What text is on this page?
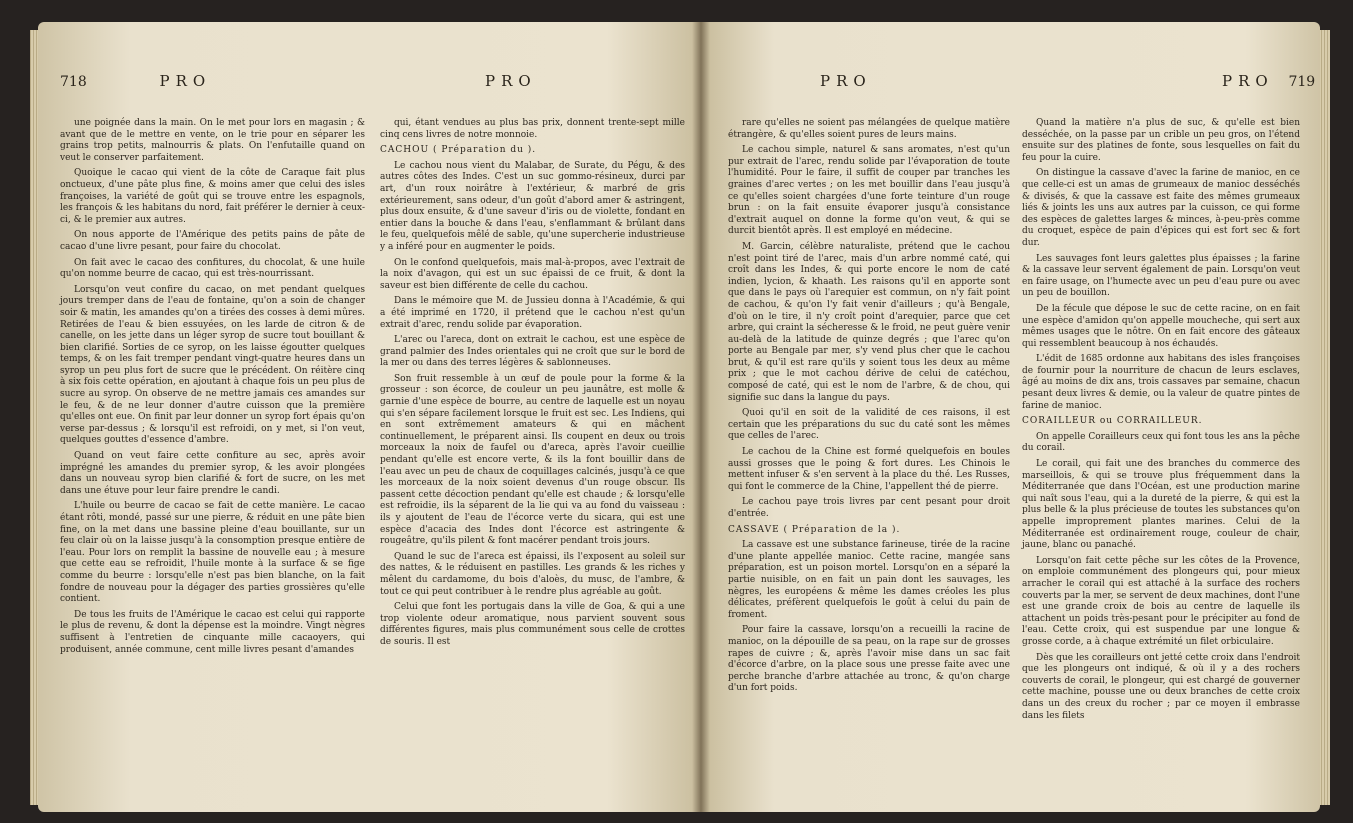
718	PRO	PRO

une poignée dans la main. On le met pour lors en magasin ; & avant que de le mettre en vente, on le trie pour en séparer les grains trop petits, malnourris & plats. On l'enfutaille quand on veut le conserver parfaitement.

Quoique le cacao qui vient de la côte de Caraque fait plus onctueux, d'une pâte plus fine, & moins amer que celui des isles françoises, la variété de goût qui se trouve entre les espagnols, les françois & les habitans du nord, fait préférer le dernier à ceux-ci, & le premier aux autres.

On nous apporte de l'Amérique des petits pains de pâte de cacao d'une livre pesant, pour faire du chocolat.

On fait avec le cacao des confitures, du chocolat, & une huile qu'on nomme beurre de cacao, qui est très-nourrissant.

Lorsqu'on veut confire du cacao, on met pendant quelques jours tremper dans de l'eau de fontaine, qu'on a soin de changer soir & matin, les amandes qu'on a tirées des cosses à demi mûres. Retirées de l'eau & bien essuyées, on les larde de citron & de canelle, on les jette dans un léger syrop de sucre tout bouillant & bien clarifié. Sorties de ce syrop, on les laisse égoutter quelques temps, & on les fait tremper pendant vingt-quatre heures dans un syrop un peu plus fort de sucre que le précédent. On réitère cinq à six fois cette opération, en ajoutant à chaque fois un peu plus de sucre au syrop. On observe de ne mettre jamais ces amandes sur le feu, & de ne leur donner d'autre cuisson que la première qu'elles ont eue. On finit par leur donner un syrop fort épais qu'on verse par-dessus ; & lorsqu'il est refroidi, on y met, si l'on veut, quelques gouttes d'essence d'ambre.

Quand on veut faire cette confiture au sec, après avoir imprégné les amandes du premier syrop, & les avoir plongées dans un nouveau syrop bien clarifié & fort de sucre, on les met dans une étuve pour leur faire prendre le candi.

L'huile ou beurre de cacao se fait de cette manière. Le cacao étant rôti, mondé, passé sur une pierre, & réduit en une pâte bien fine, on la met dans une bassine pleine d'eau bouillante, sur un feu clair où on la laisse jusqu'à la consomption presque entière de l'eau. Pour lors on remplit la bassine de nouvelle eau ; à mesure que cette eau se refroidit, l'huile monte à la surface & se fige comme du beurre : lorsqu'elle n'est pas bien blanche, on la fait fondre de nouveau pour la dégager des parties grossières qu'elle contient.

De tous les fruits de l'Amérique le cacao est celui qui rapporte le plus de revenu, & dont la dépense est la moindre. Vingt nègres suffisent à l'entretien de cinquante mille cacaoyers, qui produisent, année commune, cent mille livres pesant d'amandes

qui, étant vendues au plus bas prix, donnent trente-sept mille cinq cens livres de notre monnoie.

CACHOU ( Préparation du ).

Le cachou nous vient du Malabar, de Surate, du Pégu, & des autres côtes des Indes. C'est un suc gommo-résineux, durci par art, d'un roux noirâtre à l'extérieur, & marbré de gris extérieurement, sans odeur, d'un goût d'abord amer & astringent, plus doux ensuite, & d'une saveur d'iris ou de violette, fondant en entier dans la bouche & dans l'eau, s'enflammant & brûlant dans le feu, quelquefois mêlé de sable, qu'une supercherie industrieuse y a inféré pour en augmenter le poids.

On le confond quelquefois, mais mal-à-propos, avec l'extrait de la noix d'avagon, qui est un suc épaissi de ce fruit, & dont la saveur est bien différente de celle du cachou.

Dans le mémoire que M. de Jussieu donna à l'Académie, & qui a été imprimé en 1720, il prétend que le cachou n'est qu'un extrait d'arec, rendu solide par évaporation.

L'arec ou l'areca, dont on extrait le cachou, est une espèce de grand palmier des Indes orientales qui ne croît que sur le bord de la mer ou dans des terres légères & sablonneuses.

Son fruit ressemble à un œuf de poule pour la forme & la grosseur : son écorce, de couleur un peu jaunâtre, est molle & garnie d'une espèce de bourre, au centre de laquelle est un noyau qui s'en sépare facilement lorsque le fruit est sec. Les Indiens, qui en sont extrêmement amateurs & qui en mâchent continuellement, le préparent ainsi. Ils coupent en deux ou trois morceaux la noix de faufel ou d'areca, après l'avoir cueillie pendant qu'elle est encore verte, & ils la font bouillir dans de l'eau avec un peu de chaux de coquillages calcinés, jusqu'à ce que les morceaux de la noix soient devenus d'un rouge obscur. Ils passent cette décoction pendant qu'elle est chaude ; & lorsqu'elle est refroidie, ils la séparent de la lie qui va au fond du vaisseau : ils y ajoutent de l'eau de l'écorce verte du sicara, qui est une espèce d'acacia des Indes dont l'écorce est astringente & rougeâtre, qu'ils pilent & font macérer pendant trois jours.

Quand le suc de l'areca est épaissi, ils l'exposent au soleil sur des nattes, & le réduisent en pastilles. Les grands & les riches y mêlent du cardamome, du bois d'aloès, du musc, de l'ambre, & tout ce qui peut contribuer à le rendre plus agréable au goût.

Celui que font les portugais dans la ville de Goa, & qui a une trop violente odeur aromatique, nous parvient souvent sous différentes figures, mais plus communément sous celle de crottes de souris. Il est

PRO	PRO 719

rare qu'elles ne soient pas mélangées de quelque matière étrangère, & qu'elles soient pures de leurs mains.

Le cachou simple, naturel & sans aromates, n'est qu'un pur extrait de l'arec, rendu solide par l'évaporation de toute l'humidité. Pour le faire, il suffit de couper par tranches les graines d'arec vertes ; on les met bouillir dans l'eau jusqu'à ce qu'elles soient chargées d'une forte teinture d'un rouge brun : on la fait ensuite évaporer jusqu'à consistance d'extrait auquel on donne la forme qu'on veut, & qui se durcit bientôt après. Il est employé en médecine.

M. Garcin, célèbre naturaliste, prétend que le cachou n'est point tiré de l'arec, mais d'un arbre nommé caté, qui croît dans les Indes, & qui porte encore le nom de caté indien, lycion, & khaath. Les raisons qu'il en apporte sont que dans le pays où l'arequier est commun, on n'y fait point de cachou, & qu'on l'y fait venir d'ailleurs ; qu'à Bengale, d'où on le tire, il n'y croît point d'arequier, parce que cet arbre, qui craint la sécheresse & le froid, ne peut guère venir au-delà de la latitude de quinze degrés ; que l'arec qu'on porte au Bengale par mer, s'y vend plus cher que le cachou brut, & qu'il est rare qu'ils y soient tous les deux au même prix ; que le mot cachou dérive de celui de catéchou, composé de caté, qui est le nom de l'arbre, & de chou, qui signifie suc dans la langue du pays.

Quoi qu'il en soit de la validité de ces raisons, il est certain que les préparations du suc du caté sont les mêmes que celles de l'arec.

Le cachou de la Chine est formé quelquefois en boules aussi grosses que le poing & fort dures. Les Chinois le mettent infuser & s'en servent à la place du thé. Les Russes, qui font le commerce de la Chine, l'appellent thé de pierre.

Le cachou paye trois livres par cent pesant pour droit d'entrée.

CASSAVE ( Préparation de la ).

La cassave est une substance farineuse, tirée de la racine d'une plante appellée manioc. Cette racine, mangée sans préparation, est un poison mortel. Lorsqu'on en a séparé la partie nuisible, on en fait un pain dont les sauvages, les nègres, les européens & même les dames créoles les plus délicates, préfèrent quelquefois le goût à celui du pain de froment.

Pour faire la cassave, lorsqu'on a recueilli la racine de manioc, on la dépouille de sa peau, on la rape sur de grosses rapes de cuivre ; &, après l'avoir mise dans un sac fait d'écorce d'arbre, on la place sous une presse faite avec une perche branche d'arbre attachée au tronc, & qu'on charge d'un fort poids.

Quand la matière n'a plus de suc, & qu'elle est bien desséchée, on la passe par un crible un peu gros, on l'étend ensuite sur des platines de fonte, sous lesquelles on fait du feu pour la cuire.

On distingue la cassave d'avec la farine de manioc, en ce que celle-ci est un amas de grumeaux de manioc desséchés & divisés, & que la cassave est faite des mêmes grumeaux liés & joints les uns aux autres par la cuisson, ce qui forme des espèces de galettes larges & minces, à-peu-près comme du croquet, espèce de pain d'épices qui est fort sec & fort dur.

Les sauvages font leurs galettes plus épaisses ; la farine & la cassave leur servent également de pain. Lorsqu'on veut en faire usage, on l'humecte avec un peu d'eau pure ou avec un peu de bouillon.

De la fécule que dépose le suc de cette racine, on en fait une espèce d'amidon qu'on appelle moucheche, qui sert aux mêmes usages que le nôtre. On en fait encore des gâteaux qui ressemblent beaucoup à nos échaudés.

L'édit de 1685 ordonne aux habitans des isles françoises de fournir pour la nourriture de chacun de leurs esclaves, âgé au moins de dix ans, trois cassaves par semaine, chacun pesant deux livres & demie, ou la valeur de quatre pintes de farine de manioc.

CORAILLEUR ou CORRAILLEUR.

On appelle Corailleurs ceux qui font tous les ans la pêche du corail.

Le corail, qui fait une des branches du commerce des marseillois, & qui se trouve plus fréquemment dans la Méditerranée que dans l'Océan, est une production marine qui naît sous l'eau, qui a la dureté de la pierre, & qui est la plus belle & la plus précieuse de toutes les substances qu'on appelle improprement plantes marines. Celui de la Méditerranée est ordinairement rouge, couleur de chair, jaune, blanc ou panaché.

Lorsqu'on fait cette pêche sur les côtes de la Provence, on emploie communément des plongeurs qui, pour mieux arracher le corail qui est attaché à la surface des rochers couverts par la mer, se servent de deux machines, dont l'une est une grande croix de bois au centre de laquelle ils attachent un poids très-pesant pour le précipiter au fond de l'eau. Cette croix, qui est suspendue par une longue & grosse corde, a à chaque extrémité un filet orbiculaire.

Dès que les corailleurs ont jetté cette croix dans l'endroit que les plongeurs ont indiqué, & où il y a des rochers couverts de corail, le plongeur, qui est chargé de gouverner cette machine, pousse une ou deux branches de cette croix dans un des creux du rocher ; par ce moyen il embrasse dans les filets
